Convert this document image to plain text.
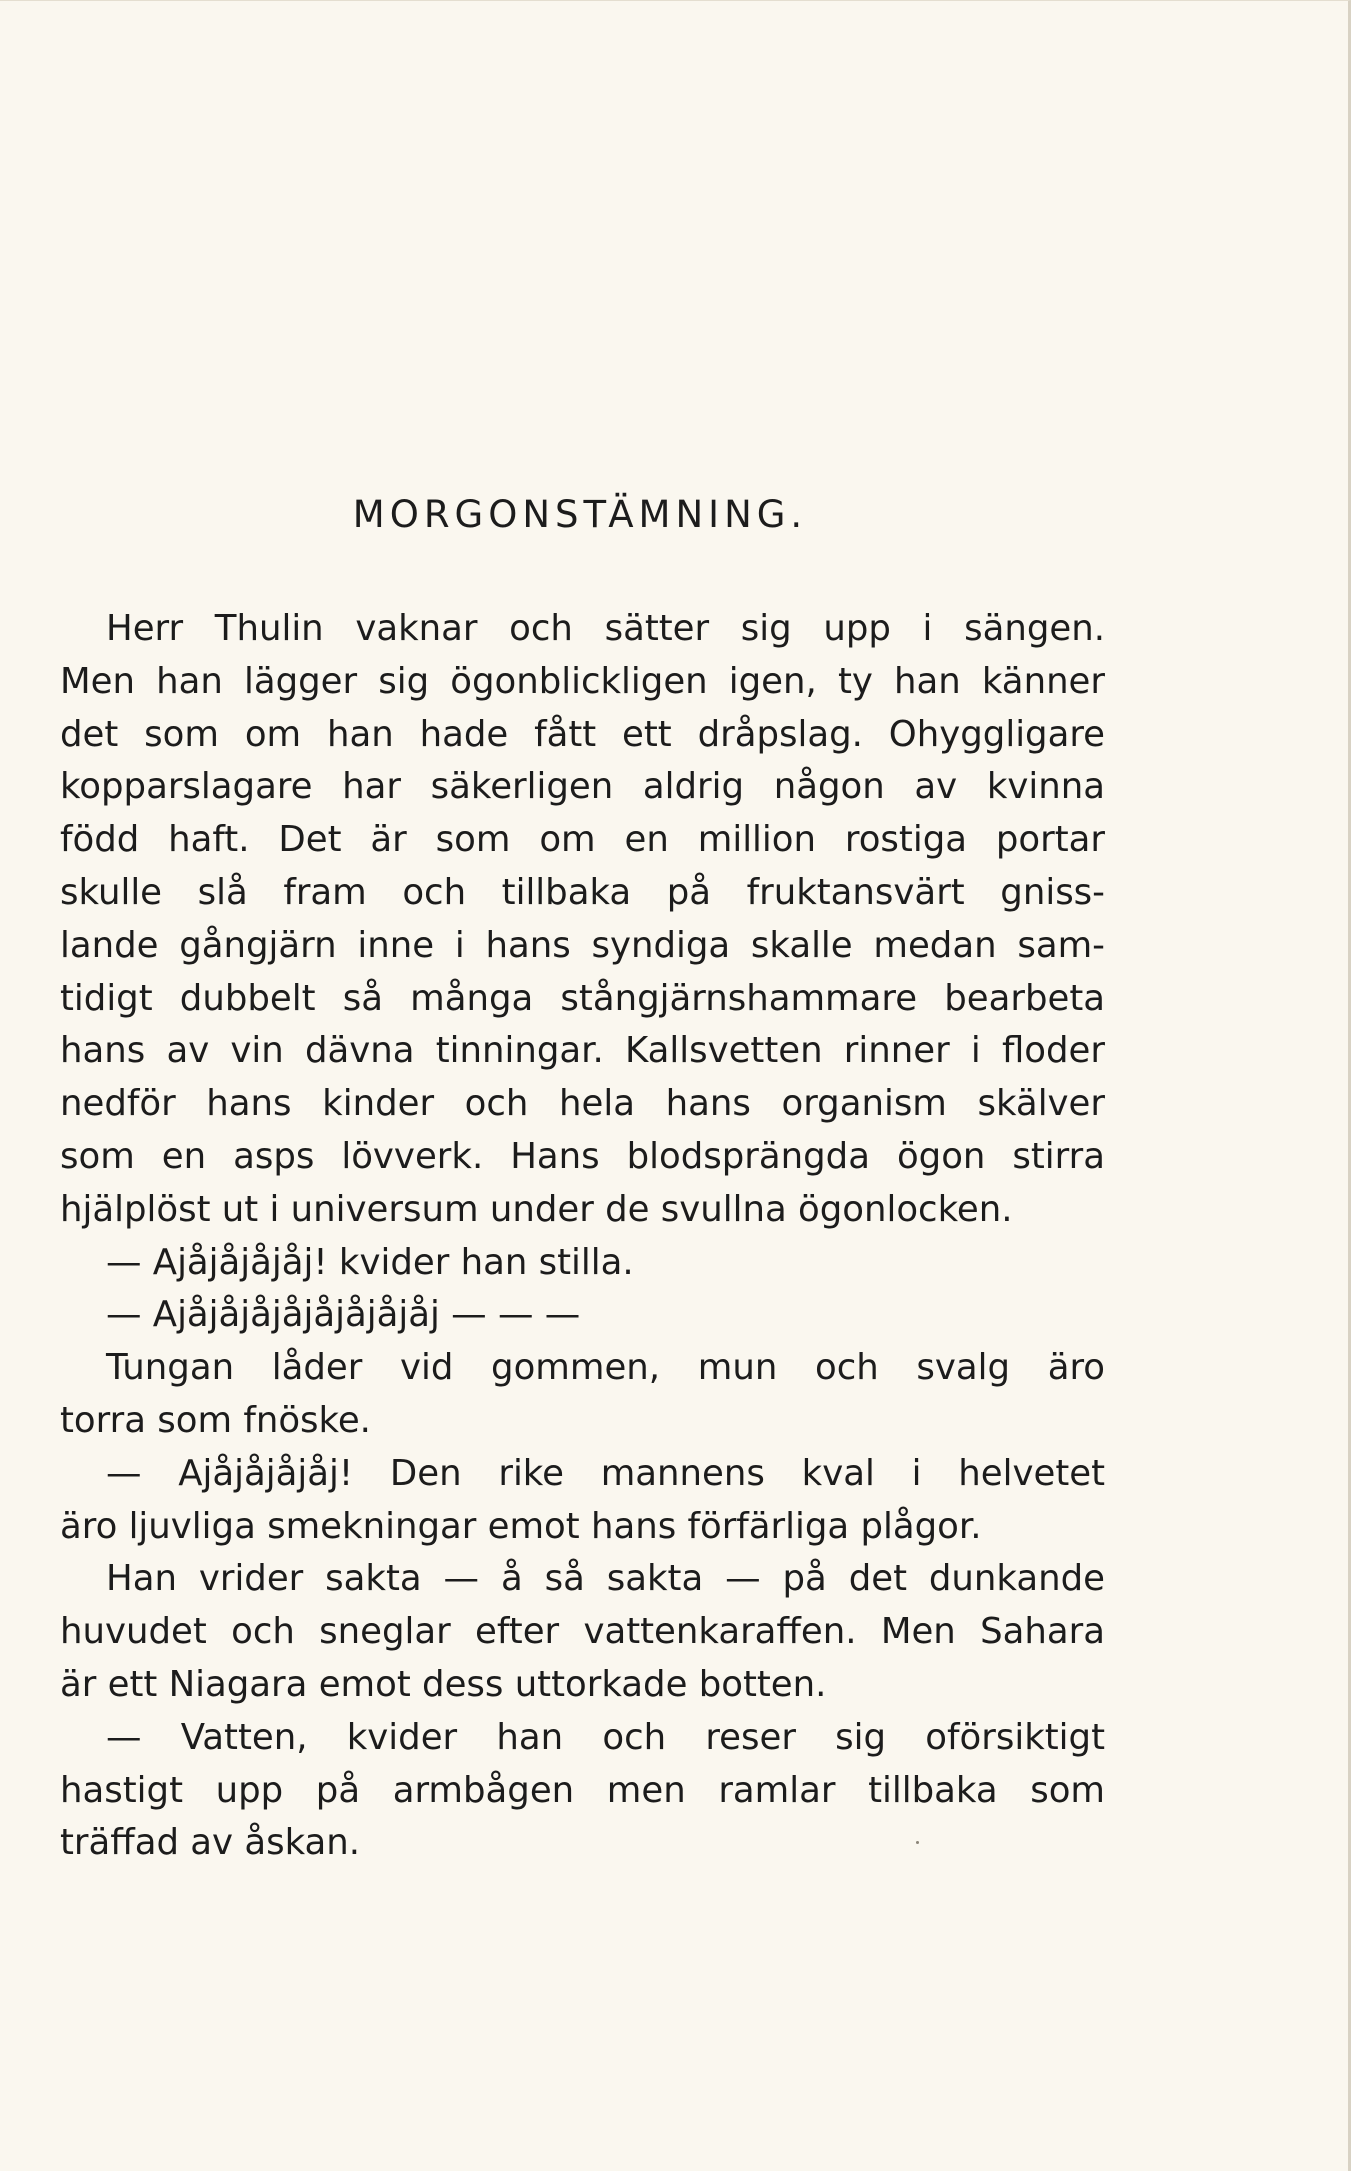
MORGONSTÄMNING.
Herr Thulin vaknar och sätter sig upp i sängen.
Men han lägger sig ögonblickligen igen, ty han känner
det som om han hade fått ett dråpslag. Ohyggligare
kopparslagare har säkerligen aldrig någon av kvinna
född haft. Det är som om en million rostiga portar
skulle slå fram och tillbaka på fruktansvärt gniss-
lande gångjärn inne i hans syndiga skalle medan sam-
tidigt dubbelt så många stångjärnshammare bearbeta
hans av vin dävna tinningar. Kallsvetten rinner i floder
nedför hans kinder och hela hans organism skälver
som en asps lövverk. Hans blodsprängda ögon stirra
hjälplöst ut i universum under de svullna ögonlocken.
— Ajåjåjåjåj! kvider han stilla.
— Ajåjåjåjåjåjåjåjåj — — —
Tungan låder vid gommen, mun och svalg äro
torra som fnöske.
— Ajåjåjåjåj! Den rike mannens kval i helvetet
äro ljuvliga smekningar emot hans förfärliga plågor.
Han vrider sakta — å så sakta — på det dunkande
huvudet och sneglar efter vattenkaraffen. Men Sahara
är ett Niagara emot dess uttorkade botten.
— Vatten, kvider han och reser sig oförsiktigt
hastigt upp på armbågen men ramlar tillbaka som
träffad av åskan.
